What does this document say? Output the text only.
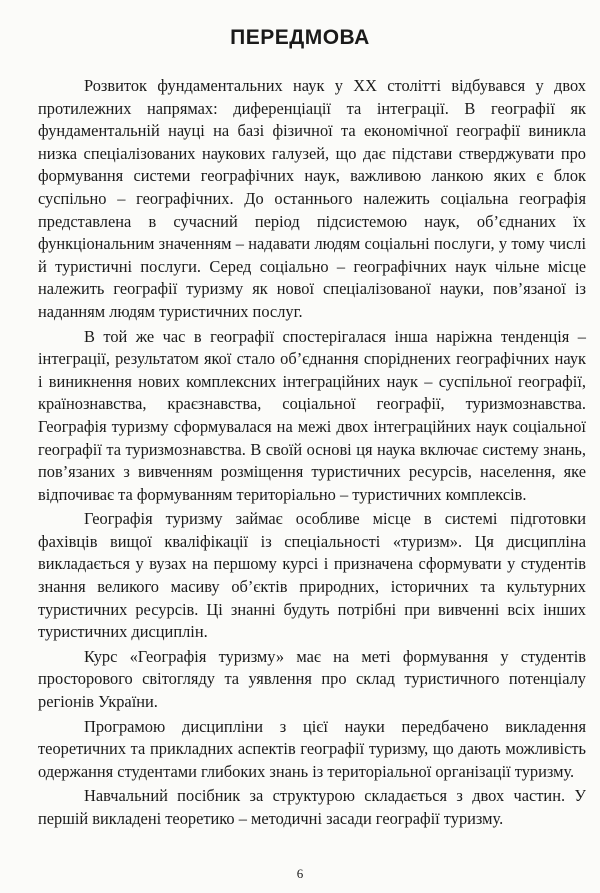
ПЕРЕДМОВА

Розвиток фундаментальних наук у XX столітті відбувався у двох протилежних напрямах: диференціації та інтеграції. В географії як фундаментальній науці на базі фізичної та економічної географії виникла низка спеціалізованих наукових галузей, що дає підстави стверджувати про формування системи географічних наук, важливою ланкою яких є блок суспільно – географічних. До останнього належить соціальна географія представлена в сучасний період підсистемою наук, об’єднаних їх функціональним значенням – надавати людям соціальні послуги, у тому числі й туристичні послуги. Серед соціально – географічних наук чільне місце належить географії туризму як нової спеціалізованої науки, пов’язаної із наданням людям туристичних послуг.

В той же час в географії спостерігалася інша наріжна тенденція – інтеграції, результатом якої стало об’єднання споріднених географічних наук і виникнення нових комплексних інтеграційних наук – суспільної географії, країнознавства, краєзнавства, соціальної географії, туризмознавства. Географія туризму сформувалася на межі двох інтеграційних наук соціальної географії та туризмознавства. В своїй основі ця наука включає систему знань, пов’язаних з вивченням розміщення туристичних ресурсів, населення, яке відпочиває та формуванням територіально – туристичних комплексів.

Географія туризму займає особливе місце в системі підготовки фахівців вищої кваліфікації із спеціальності «туризм». Ця дисципліна викладається у вузах на першому курсі і призначена сформувати у студентів знання великого масиву об’єктів природних, історичних та культурних туристичних ресурсів. Ці знанні будуть потрібні при вивченні всіх інших туристичних дисциплін.

Курс «Географія туризму» має на меті формування у студентів просторового світогляду та уявлення про склад туристичного потенціалу регіонів України.

Програмою дисципліни з цієї науки передбачено викладення теоретичних та прикладних аспектів географії туризму, що дають можливість одержання студентами глибоких знань із територіальної організації туризму.

Навчальний посібник за структурою складається з двох частин. У першій викладені теоретико – методичні засади географії туризму.

6
